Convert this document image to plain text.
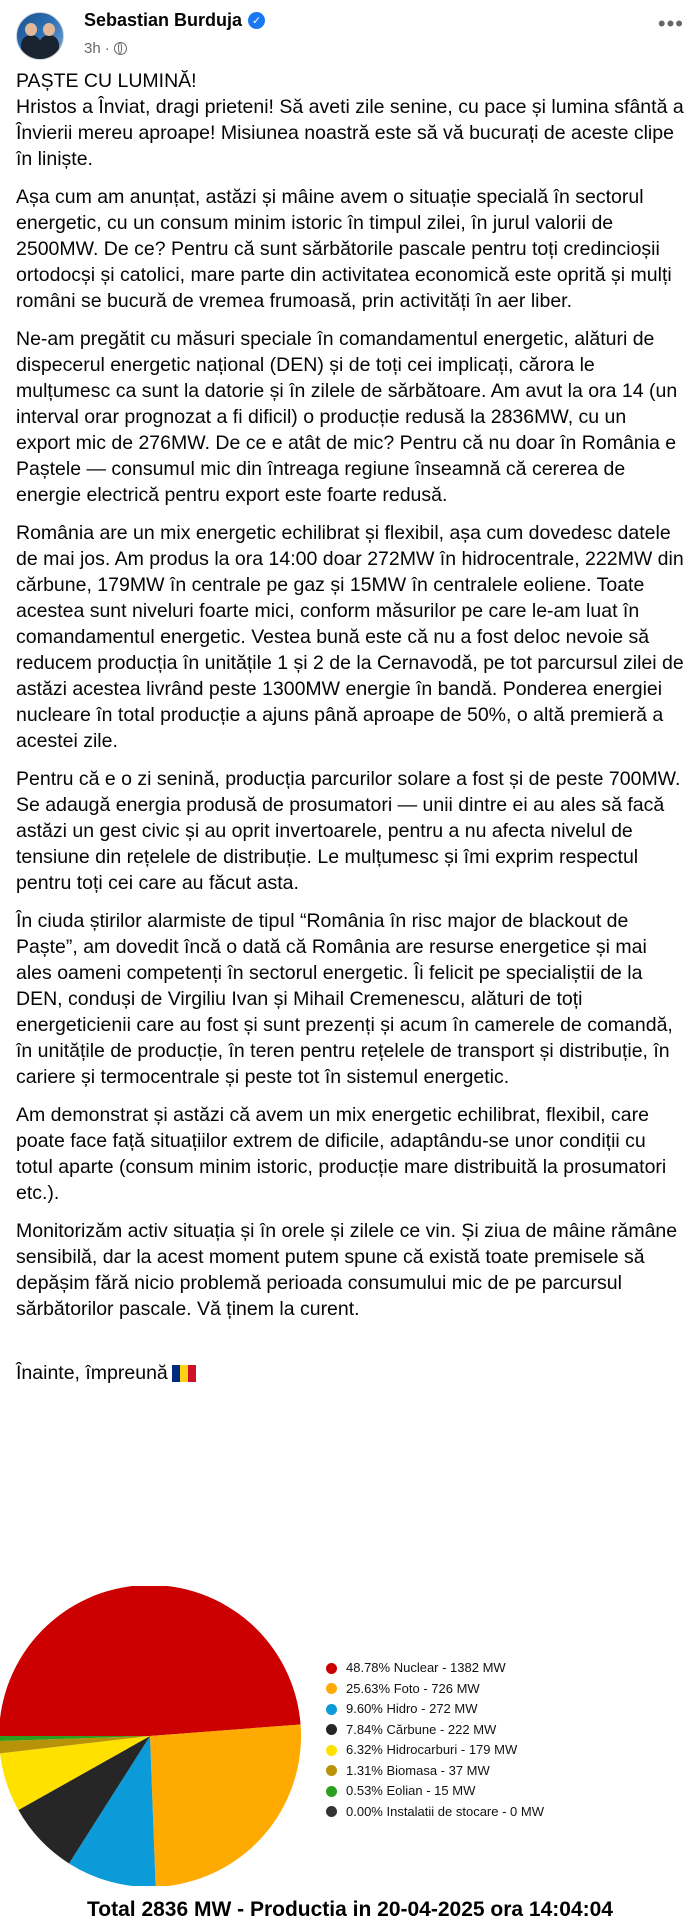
Sebastian Burduja ✓
3h ·
•••

PAȘTE CU LUMINĂ!
Hristos a Înviat, dragi prieteni! Să aveti zile senine, cu pace și lumina sfântă a Învierii mereu aproape! Misiunea noastră este să vă bucurați de aceste clipe în liniște.

Așa cum am anunțat, astăzi și mâine avem o situație specială în sectorul energetic, cu un consum minim istoric în timpul zilei, în jurul valorii de 2500MW. De ce? Pentru că sunt sărbătorile pascale pentru toți credincioșii ortodocși și catolici, mare parte din activitatea economică este oprită și mulți români se bucură de vremea frumoasă, prin activități în aer liber.

Ne-am pregătit cu măsuri speciale în comandamentul energetic, alături de dispecerul energetic național (DEN) și de toți cei implicați, cărora le mulțumesc ca sunt la datorie și în zilele de sărbătoare. Am avut la ora 14 (un interval orar prognozat a fi dificil) o producție redusă la 2836MW, cu un export mic de 276MW. De ce e atât de mic? Pentru că nu doar în România e Paștele — consumul mic din întreaga regiune înseamnă că cererea de energie electrică pentru export este foarte redusă.

România are un mix energetic echilibrat și flexibil, așa cum dovedesc datele de mai jos. Am produs la ora 14:00 doar 272MW în hidrocentrale, 222MW din cărbune, 179MW în centrale pe gaz și 15MW în centralele eoliene. Toate acestea sunt niveluri foarte mici, conform măsurilor pe care le-am luat în comandamentul energetic. Vestea bună este că nu a fost deloc nevoie să reducem producția în unitățile 1 și 2 de la Cernavodă, pe tot parcursul zilei de astăzi acestea livrând peste 1300MW energie în bandă. Ponderea energiei nucleare în total producție a ajuns până aproape de 50%, o altă premieră a acestei zile.

Pentru că e o zi senină, producția parcurilor solare a fost și de peste 700MW. Se adaugă energia produsă de prosumatori — unii dintre ei au ales să facă astăzi un gest civic și au oprit invertoarele, pentru a nu afecta nivelul de tensiune din rețelele de distribuție. Le mulțumesc și îmi exprim respectul pentru toți cei care au făcut asta.

În ciuda știrilor alarmiste de tipul “România în risc major de blackout de Paște”, am dovedit încă o dată că România are resurse energetice și mai ales oameni competenți în sectorul energetic. Îi felicit pe specialiștii de la DEN, conduși de Virgiliu Ivan și Mihail Cremenescu, alături de toți energeticienii care au fost și sunt prezenți și acum în camerele de comandă, în unitățile de producție, în teren pentru rețelele de transport și distribuție, în cariere și termocentrale și peste tot în sistemul energetic.

Am demonstrat și astăzi că avem un mix energetic echilibrat, flexibil, care poate face față situațiilor extrem de dificile, adaptându-se unor condiții cu totul aparte (consum minim istoric, producție mare distribuită la prosumatori etc.).

Monitorizăm activ situația și în orele și zilele ce vin. Și ziua de mâine rămâne sensibilă, dar la acest moment putem spune că există toate premisele să depășim fără nicio problemă perioada consumului mic de pe parcursul sărbătorilor pascale. Vă ținem la curent.

Înainte, împreună

48.78% Nuclear - 1382 MW
25.63% Foto - 726 MW
9.60% Hidro - 272 MW
7.84% Cărbune - 222 MW
6.32% Hidrocarburi - 179 MW
1.31% Biomasa - 37 MW
0.53% Eolian - 15 MW
0.00% Instalatii de stocare - 0 MW
Total 2836 MW - Productia in 20-04-2025 ora 14:04:04
